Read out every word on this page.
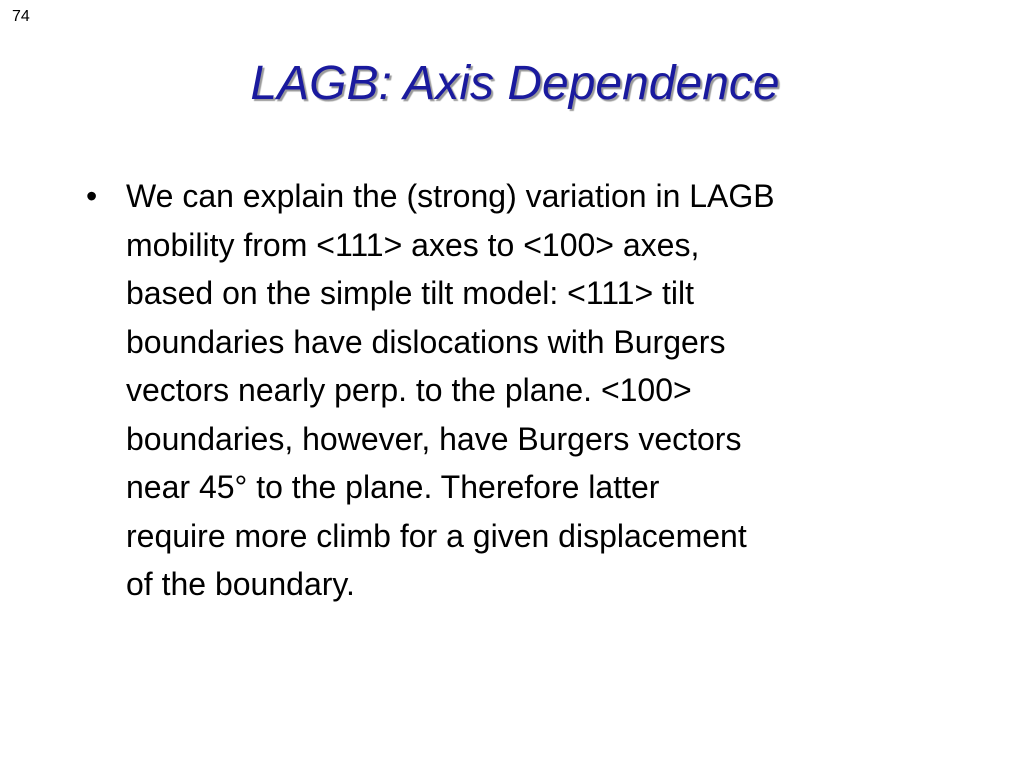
74
LAGB: Axis Dependence
• We can explain the (strong) variation in LAGB
mobility from <111> axes to <100> axes,
based on the simple tilt model: <111> tilt
boundaries have dislocations with Burgers
vectors nearly perp. to the plane. <100>
boundaries, however, have Burgers vectors
near 45° to the plane. Therefore latter
require more climb for a given displacement
of the boundary.
